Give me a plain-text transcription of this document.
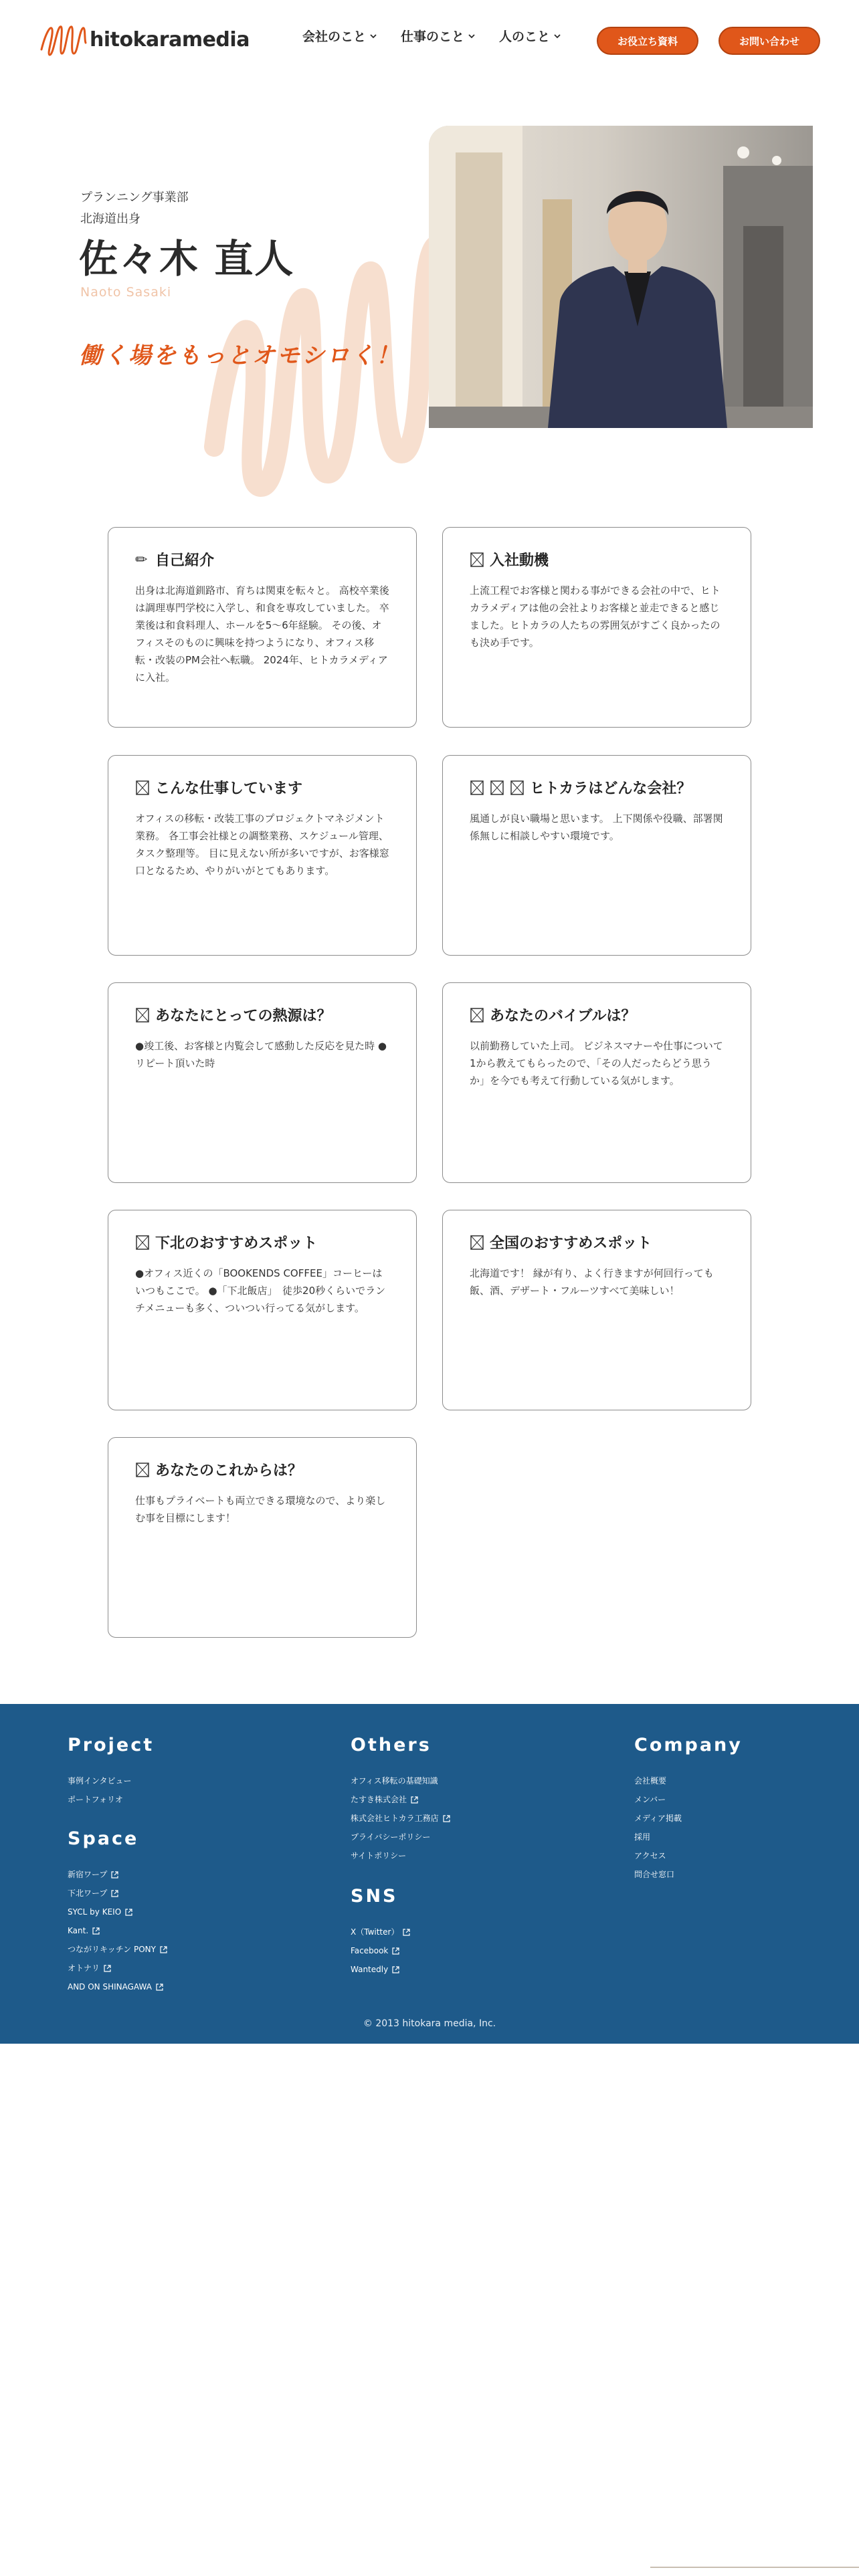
hitokaramedia	会社のこと	仕事のこと	人のこと	お役立ち資料	お問い合わせ
プランニング事業部
北海道出身
佐々木 直人
Naoto Sasaki
働く場をもっとオモシロく！
✏ 自己紹介
出身は北海道釧路市、育ちは関東を転々と。 高校卒業後は調理専門学校に入学し、和食を専攻していました。 卒業後は和食料理人、ホールを5～6年経験。 その後、オフィスそのものに興味を持つようになり、オフィス移転・改装のPM会社へ転職。 2024年、ヒトカラメディアに入社。
入社動機
上流工程でお客様と関わる事ができる会社の中で、ヒトカラメディアは他の会社よりお客様と並走できると感じました。ヒトカラの人たちの雰囲気がすごく良かったのも決め手です。
こんな仕事しています
オフィスの移転・改装工事のプロジェクトマネジメント業務。 各工事会社様との調整業務、スケジュール管理、タスク整理等。 目に見えない所が多いですが、お客様窓口となるため、やりがいがとてもあります。
ヒトカラはどんな会社？
風通しが良い職場と思います。 上下関係や役職、部署関係無しに相談しやすい環境です。
あなたにとっての熱源は？
●竣工後、お客様と内覧会して感動した反応を見た時 ●リピート頂いた時
あなたのバイブルは？
以前勤務していた上司。 ビジネスマナーや仕事について1から教えてもらったので、「その人だったらどう思うか」を今でも考えて行動している気がします。
下北のおすすめスポット
●オフィス近くの「BOOKENDS COFFEE」コーヒーはいつもここで。 ●「下北飯店」　徒歩20秒くらいでランチメニューも多く、ついつい行ってる気がします。
全国のおすすめスポット
北海道です！ 縁が有り、よく行きますが何回行っても飯、酒、デザート・フルーツすべて美味しい！
あなたのこれからは？
仕事もプライベートも両立できる環境なので、より楽しむ事を目標にします！
Project
事例インタビュー
ポートフォリオ
Space
新宿ワープ
下北ワープ
SYCL by KEIO
Kant.
つながリキッチン PONY
オトナリ
AND ON SHINAGAWA
Others
オフィス移転の基礎知識
たすき株式会社
株式会社ヒトカラ工務店
プライバシーポリシー
サイトポリシー
SNS
X（Twitter）
Facebook
Wantedly
Company
会社概要
メンバー
メディア掲載
採用
アクセス
問合せ窓口
© 2013 hitokara media, Inc.
